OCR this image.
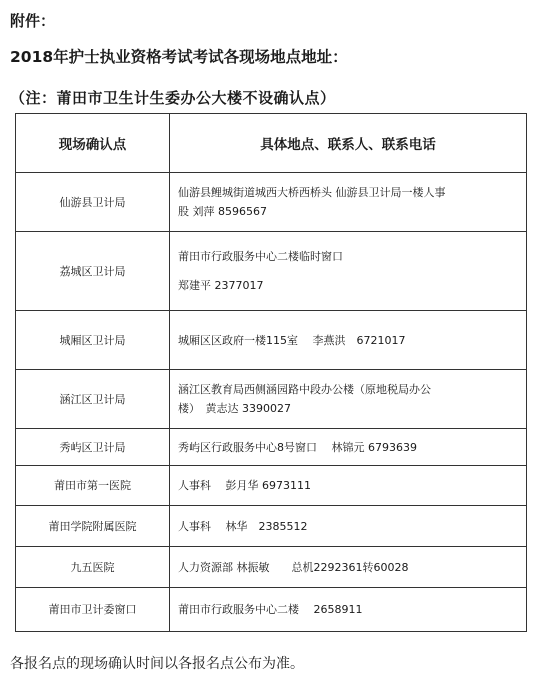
附件：
2018年护士执业资格考试考试各现场地点地址：
（注：莆田市卫生计生委办公大楼不设确认点）
现场确认点	具体地点、联系人、联系电话
仙游县卫计局	仙游县鲤城街道城西大桥西桥头 仙游县卫计局一楼人事
股 刘萍 8596567

荔城区卫计局	莆田市行政服务中心二楼临时窗口
郑建平 2377017

城厢区卫计局	城厢区区政府一楼115室　 李燕洪　6721017

涵江区卫计局	涵江区教育局西侧涵园路中段办公楼（原地税局办公
楼）　黄志达 3390027

秀屿区卫计局	秀屿区行政服务中心8号窗口　 林锦元 6793639

莆田市第一医院	人事科　 彭月华 6973111

莆田学院附属医院	人事科　 林华　2385512

九五医院	人力资源部 林振敏　　总机2292361转60028

莆田市卫计委窗口	莆田市行政服务中心二楼　 2658911
各报名点的现场确认时间以各报名点公布为准。
